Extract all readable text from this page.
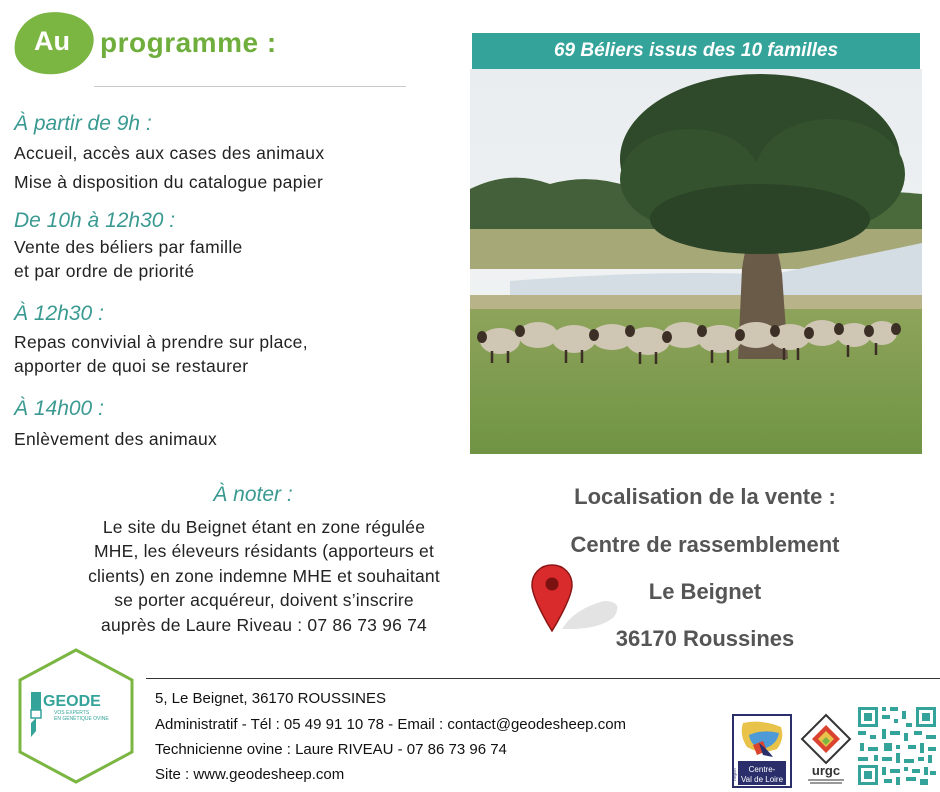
Au programme :
À partir de 9h :
Accueil, accès aux cases des animaux
Mise à disposition du catalogue papier
De 10h à 12h30 :
Vente des béliers par famille
et par ordre de priorité
À 12h30 :
Repas convivial à prendre sur place,
apporter de quoi se restaurer
À 14h00 :
Enlèvement des animaux
À noter :
Le site du Beignet étant en zone régulée
MHE, les éleveurs résidants (apporteurs et
clients) en zone indemne MHE et souhaitant
se porter acquéreur, doivent s’inscrire
auprès de Laure Riveau : 07 86 73 96 74
69 Béliers issus des 10 familles
Localisation de la vente :
Centre de rassemblement
Le Beignet
36170 Roussines
GEODE
VOS EXPERTS
EN GÉNÉTIQUE OVINE
5, Le Beignet, 36170 ROUSSINES
Administratif - Tél : 05 49 91 10 78 - Email : contact@geodesheep.com
Technicienne ovine : Laure RIVEAU - 07 86 73 96 74
Site : www.geodesheep.com	Centre-
Val de Loire
Région	urgc
